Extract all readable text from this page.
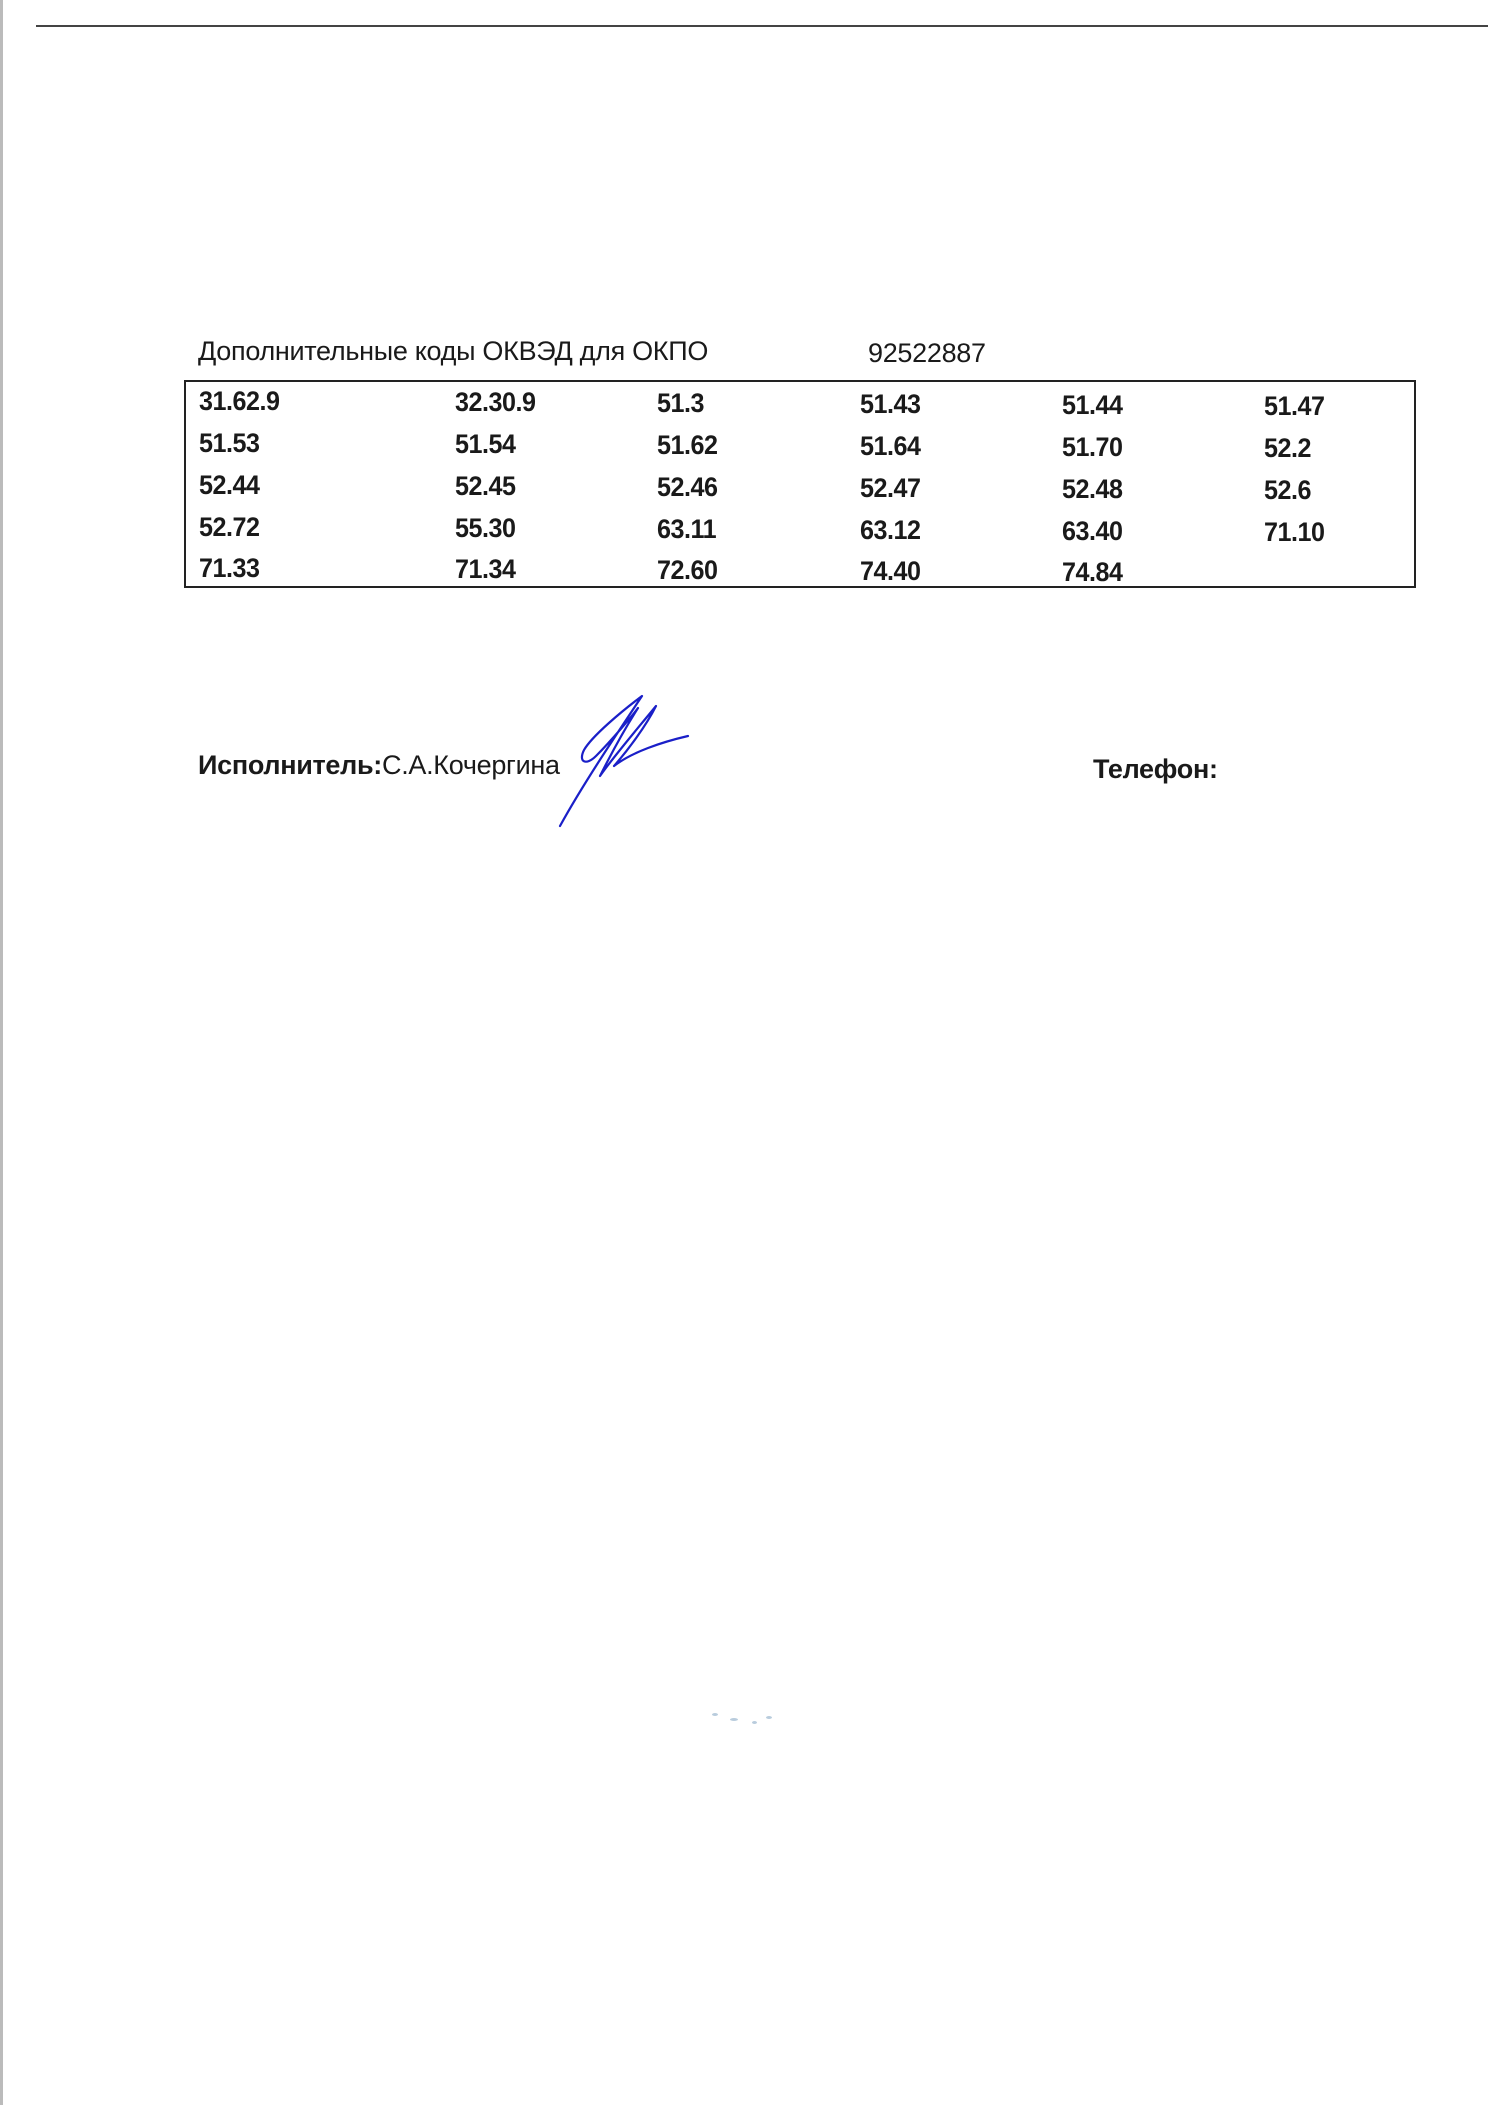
Дополнительные коды ОКВЭД для ОКПО	92522887
31.62.9	32.30.9	51.3	51.43	51.44	51.47
51.53	51.54	51.62	51.64	51.70	52.2
52.44	52.45	52.46	52.47	52.48	52.6
52.72	55.30	63.11	63.12	63.40	71.10
71.33	71.34	72.60	74.40	74.84
Исполнитель: С.А.Кочергина	Телефон:
